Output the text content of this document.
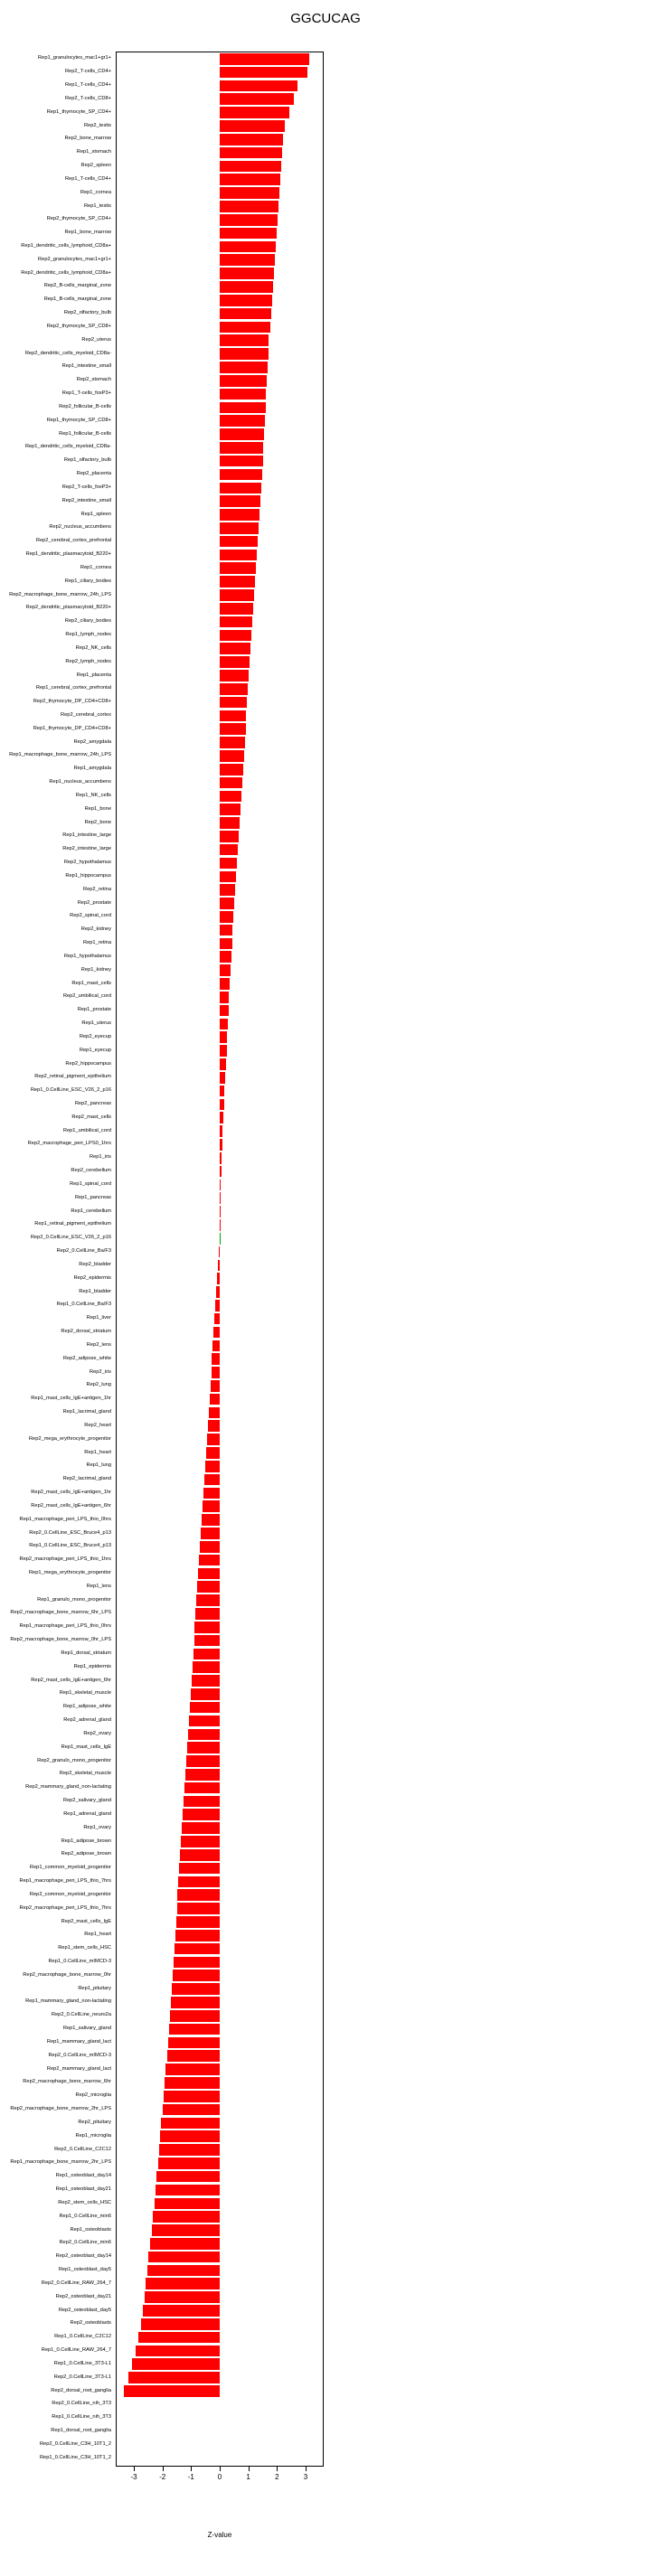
GGCUCAG
Rep1_granulocytes_mac1+gr1+
Rep2_T-cells_CD4+
Rep1_T-cells_CD4+
Rep2_T-cells_CD8+
Rep1_thymocyte_SP_CD4+
Rep2_testis
Rep2_bone_marrow
Rep1_stomach
Rep2_spleen
Rep1_T-cells_CD4+
Rep1_cornea
Rep1_testis
Rep2_thymocyte_SP_CD4+
Rep1_bone_marrow
Rep1_dendritic_cells_lymphoid_CD8a+
Rep2_granulocytes_mac1+gr1+
Rep2_dendritic_cells_lymphoid_CD8a+
Rep2_B-cells_marginal_zone
Rep1_B-cells_marginal_zone
Rep2_olfactory_bulb
Rep2_thymocyte_SP_CD8+
Rep2_uterus
Rep2_dendritic_cells_myeloid_CD8a-
Rep1_intestine_small
Rep2_stomach
Rep1_T-cells_foxP3+
Rep2_follicular_B-cells
Rep1_thymocyte_SP_CD8+
Rep1_follicular_B-cells
Rep1_dendritic_cells_myeloid_CD8a-
Rep1_olfactory_bulb
Rep2_placenta
Rep2_T-cells_foxP3+
Rep2_intestine_small
Rep1_spleen
Rep2_nucleus_accumbens
Rep2_cerebral_cortex_prefrontal
Rep1_dendritic_plasmacytoid_B220+
Rep1_cornea
Rep1_ciliary_bodies
Rep2_macrophage_bone_marrow_24h_LPS
Rep2_dendritic_plasmacytoid_B220+
Rep2_ciliary_bodies
Rep1_lymph_nodes
Rep2_NK_cells
Rep2_lymph_nodes
Rep1_placenta
Rep1_cerebral_cortex_prefrontal
Rep2_thymocyte_DP_CD4+CD8+
Rep2_cerebral_cortex
Rep1_thymocyte_DP_CD4+CD8+
Rep2_amygdala
Rep1_macrophage_bone_marrow_24h_LPS
Rep1_amygdala
Rep1_nucleus_accumbens
Rep1_NK_cells
Rep1_bone
Rep2_bone
Rep1_intestine_large
Rep2_intestine_large
Rep2_hypothalamus
Rep1_hippocampus
Rep2_retina
Rep2_prostate
Rep2_spinal_cord
Rep2_kidney
Rep1_retina
Rep1_hypothalamus
Rep1_kidney
Rep1_mast_cells
Rep2_umbilical_cord
Rep1_prostate
Rep1_uterus
Rep2_eyecup
Rep1_eyecup
Rep2_hippocampus
Rep2_retinal_pigment_epithelium
Rep1_0.CellLine_ESC_V26_2_p16
Rep2_pancreas
Rep2_mast_cells
Rep1_umbilical_cord
Rep2_macrophage_peri_LPS0_1hrs
Rep1_iris
Rep2_cerebellum
Rep1_spinal_cord
Rep1_pancreas
Rep1_cerebellum
Rep1_retinal_pigment_epithelium
Rep2_0.CellLine_ESC_V26_2_p16
Rep2_0.CellLine_Ba/F3
Rep2_bladder
Rep2_epidermis
Rep1_bladder
Rep1_0.CellLine_Ba/F3
Rep1_liver
Rep2_dorsal_striatum
Rep2_lens
Rep2_adipose_white
Rep2_iris
Rep2_lung
Rep1_mast_cells_IgE+antigen_1hr
Rep1_lacrimal_gland
Rep2_heart
Rep2_mega_erythrocyte_progenitor
Rep1_heart
Rep1_lung
Rep2_lacrimal_gland
Rep2_mast_cells_IgE+antigen_1hr
Rep2_mast_cells_IgE+antigen_6hr
Rep1_macrophage_peri_LPS_thio_0hrs
Rep2_0.CellLine_ESC_Bruce4_p13
Rep1_0.CellLine_ESC_Bruce4_p13
Rep2_macrophage_peri_LPS_thio_1hrs
Rep1_mega_erythrocyte_progenitor
Rep1_lens
Rep1_granulo_mono_progenitor
Rep2_macrophage_bone_marrow_6hr_LPS
Rep1_macrophage_peri_LPS_thio_0hrs
Rep2_macrophage_bone_marrow_0hr_LPS
Rep1_dorsal_striatum
Rep1_epidermis
Rep2_mast_cells_IgE+antigen_6hr
Rep1_skeletal_muscle
Rep1_adipose_white
Rep2_adrenal_gland
Rep2_ovary
Rep1_mast_cells_IgE
Rep2_granulo_mono_progenitor
Rep2_skeletal_muscle
Rep2_mammary_gland_non-lactating
Rep2_salivary_gland
Rep1_adrenal_gland
Rep1_ovary
Rep1_adipose_brown
Rep2_adipose_brown
Rep1_common_myeloid_progenitor
Rep1_macrophage_peri_LPS_thio_7hrs
Rep2_common_myeloid_progenitor
Rep2_macrophage_peri_LPS_thio_7hrs
Rep2_mast_cells_IgE
Rep1_heart
Rep1_stem_cells_HSC
Rep1_0.CellLine_mIMCD-3
Rep2_macrophage_bone_marrow_0hr
Rep1_pituitary
Rep1_mammary_gland_non-lactating
Rep2_0.CellLine_neuro2a
Rep1_salivary_gland
Rep1_mammary_gland_lact
Rep2_0.CellLine_mIMCD-3
Rep2_mammary_gland_lact
Rep2_macrophage_bone_marrow_6hr
Rep2_microglia
Rep2_macrophage_bone_marrow_2hr_LPS
Rep2_pituitary
Rep1_microglia
Rep2_0.CellLine_C2C12
Rep1_macrophage_bone_marrow_2hr_LPS
Rep1_osteoblast_day14
Rep1_osteoblast_day21
Rep2_stem_cells_HSC
Rep1_0.CellLine_min6
Rep1_osteoblasts
Rep2_0.CellLine_min6
Rep2_osteoblast_day14
Rep1_osteoblast_day5
Rep2_0.CellLine_RAW_264_7
Rep2_osteoblast_day21
Rep2_osteoblast_day5
Rep2_osteoblasts
Rep1_0.CellLine_C2C12
Rep1_0.CellLine_RAW_264_7
Rep1_0.CellLine_3T3-L1
Rep2_0.CellLine_3T3-L1
Rep2_dorsal_root_ganglia
Rep2_0.CellLine_nih_3T3
Rep1_0.CellLine_nih_3T3
Rep1_dorsal_root_ganglia
Rep2_0.CellLine_C3H_10T1_2
Rep1_0.CellLine_C3H_10T1_2
-3	-2	-1	0	1	2	3
Z-value
